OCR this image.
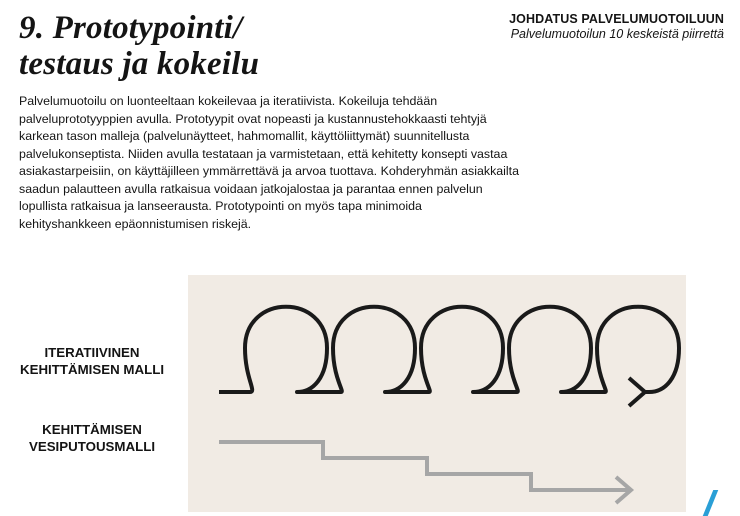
9. Prototypointi/
testaus ja kokeilu
JOHDATUS PALVELUMUOTOILUUN
Palvelumuotoilun 10 keskeistä piirrettä

Palvelumuotoilu on luonteeltaan kokeilevaa ja iteratiivista. Kokeiluja tehdään
palveluprototyyppien avulla. Prototyypit ovat nopeasti ja kustannustehokkaasti tehtyjä
karkean tason malleja (palvelunäytteet, hahmomallit, käyttöliittymät) suunnitellusta
palvelukonseptista. Niiden avulla testataan ja varmistetaan, että kehitetty konsepti vastaa
asiakastarpeisiin, on käyttäjilleen ymmärrettävä ja arvoa tuottava. Kohderyhmän asiakkailta
saadun palautteen avulla ratkaisua voidaan jatkojalostaa ja parantaa ennen palvelun
lopullista ratkaisua ja lanseerausta. Prototypointi on myös tapa minimoida
kehityshankkeen epäonnistumisen riskejä.

ITERATIIVINEN
KEHITTÄMISEN MALLI
KEHITTÄMISEN
VESIPUTOUSMALLI
